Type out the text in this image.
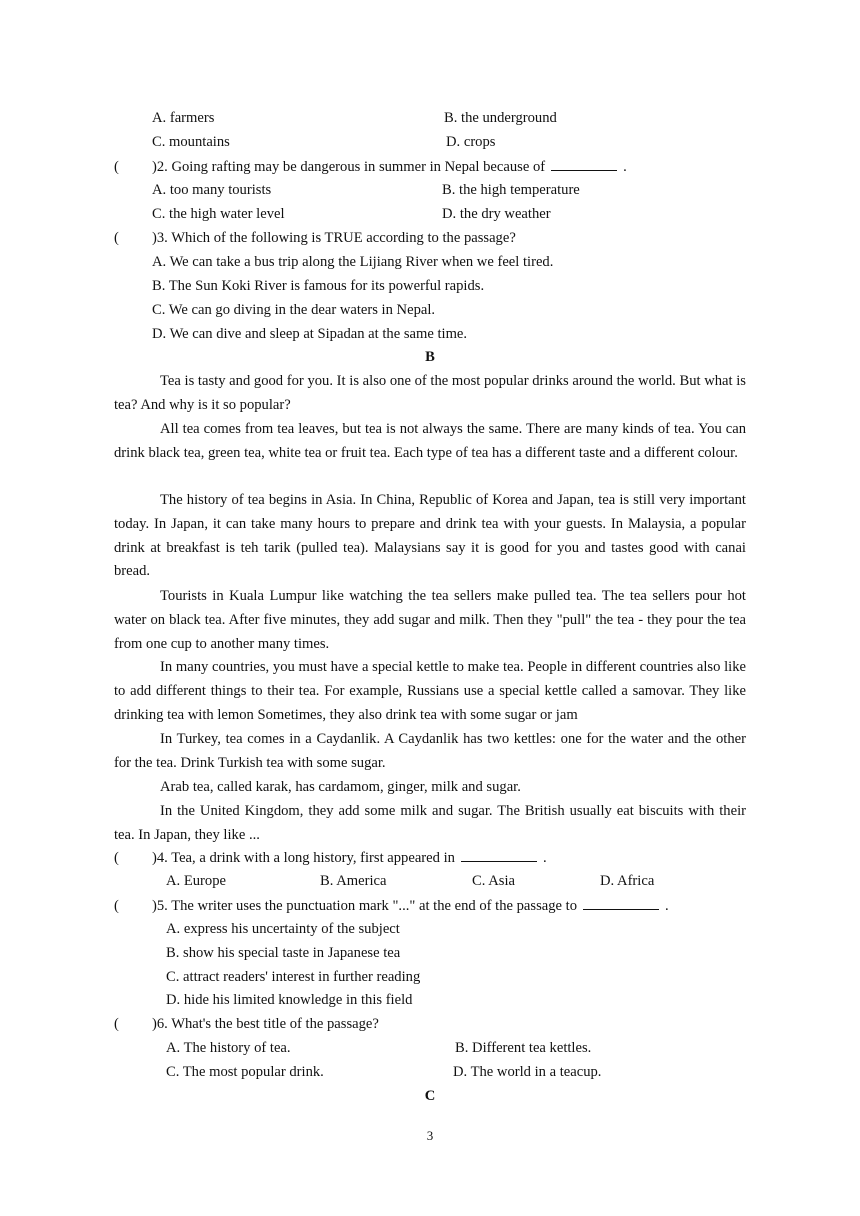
A. farmers	B. the underground
C. mountains	D. crops
( )2. Going rafting may be dangerous in summer in Nepal because of	.
A. too many tourists	B. the high temperature
C. the high water level	D. the dry weather
( )3. Which of the following is TRUE according to the passage?
A. We can take a bus trip along the Lijiang River when we feel tired.
B. The Sun Koki River is famous for its powerful rapids.
C. We can go diving in the dear waters in Nepal.
D. We can dive and sleep at Sipadan at the same time.
B
Tea is tasty and good for you. It is also one of the most popular drinks around the world. But what is tea? And why is it so popular?
All tea comes from tea leaves, but tea is not always the same. There are many kinds of tea. You can drink black tea, green tea, white tea or fruit tea. Each type of tea has a different taste and a different colour.
The history of tea begins in Asia. In China, Republic of Korea and Japan, tea is still very important today. In Japan, it can take many hours to prepare and drink tea with your guests. In Malaysia, a popular drink at breakfast is teh tarik (pulled tea). Malaysians say it is good for you and tastes good with canai bread.
Tourists in Kuala Lumpur like watching the tea sellers make pulled tea. The tea sellers pour hot water on black tea. After five minutes, they add sugar and milk. Then they "pull" the tea - they pour the tea from one cup to another many times.
In many countries, you must have a special kettle to make tea. People in different countries also like to add different things to their tea. For example, Russians use a special kettle called a samovar. They like drinking tea with lemon Sometimes, they also drink tea with some sugar or jam
In Turkey, tea comes in a Caydanlik. A Caydanlik has two kettles: one for the water and the other for the tea. Drink Turkish tea with some sugar.
Arab tea, called karak, has cardamom, ginger, milk and sugar.
In the United Kingdom, they add some milk and sugar. The British usually eat biscuits with their tea. In Japan, they like ...
( )4. Tea, a drink with a long history, first appeared in	.
A. Europe	B. America	C. Asia	D. Africa
( )5. The writer uses the punctuation mark "..." at the end of the passage to	.
A. express his uncertainty of the subject
B. show his special taste in Japanese tea
C. attract readers' interest in further reading
D. hide his limited knowledge in this field
( )6. What's the best title of the passage?
A. The history of tea.	B. Different tea kettles.
C. The most popular drink.	D. The world in a teacup.
C
3
